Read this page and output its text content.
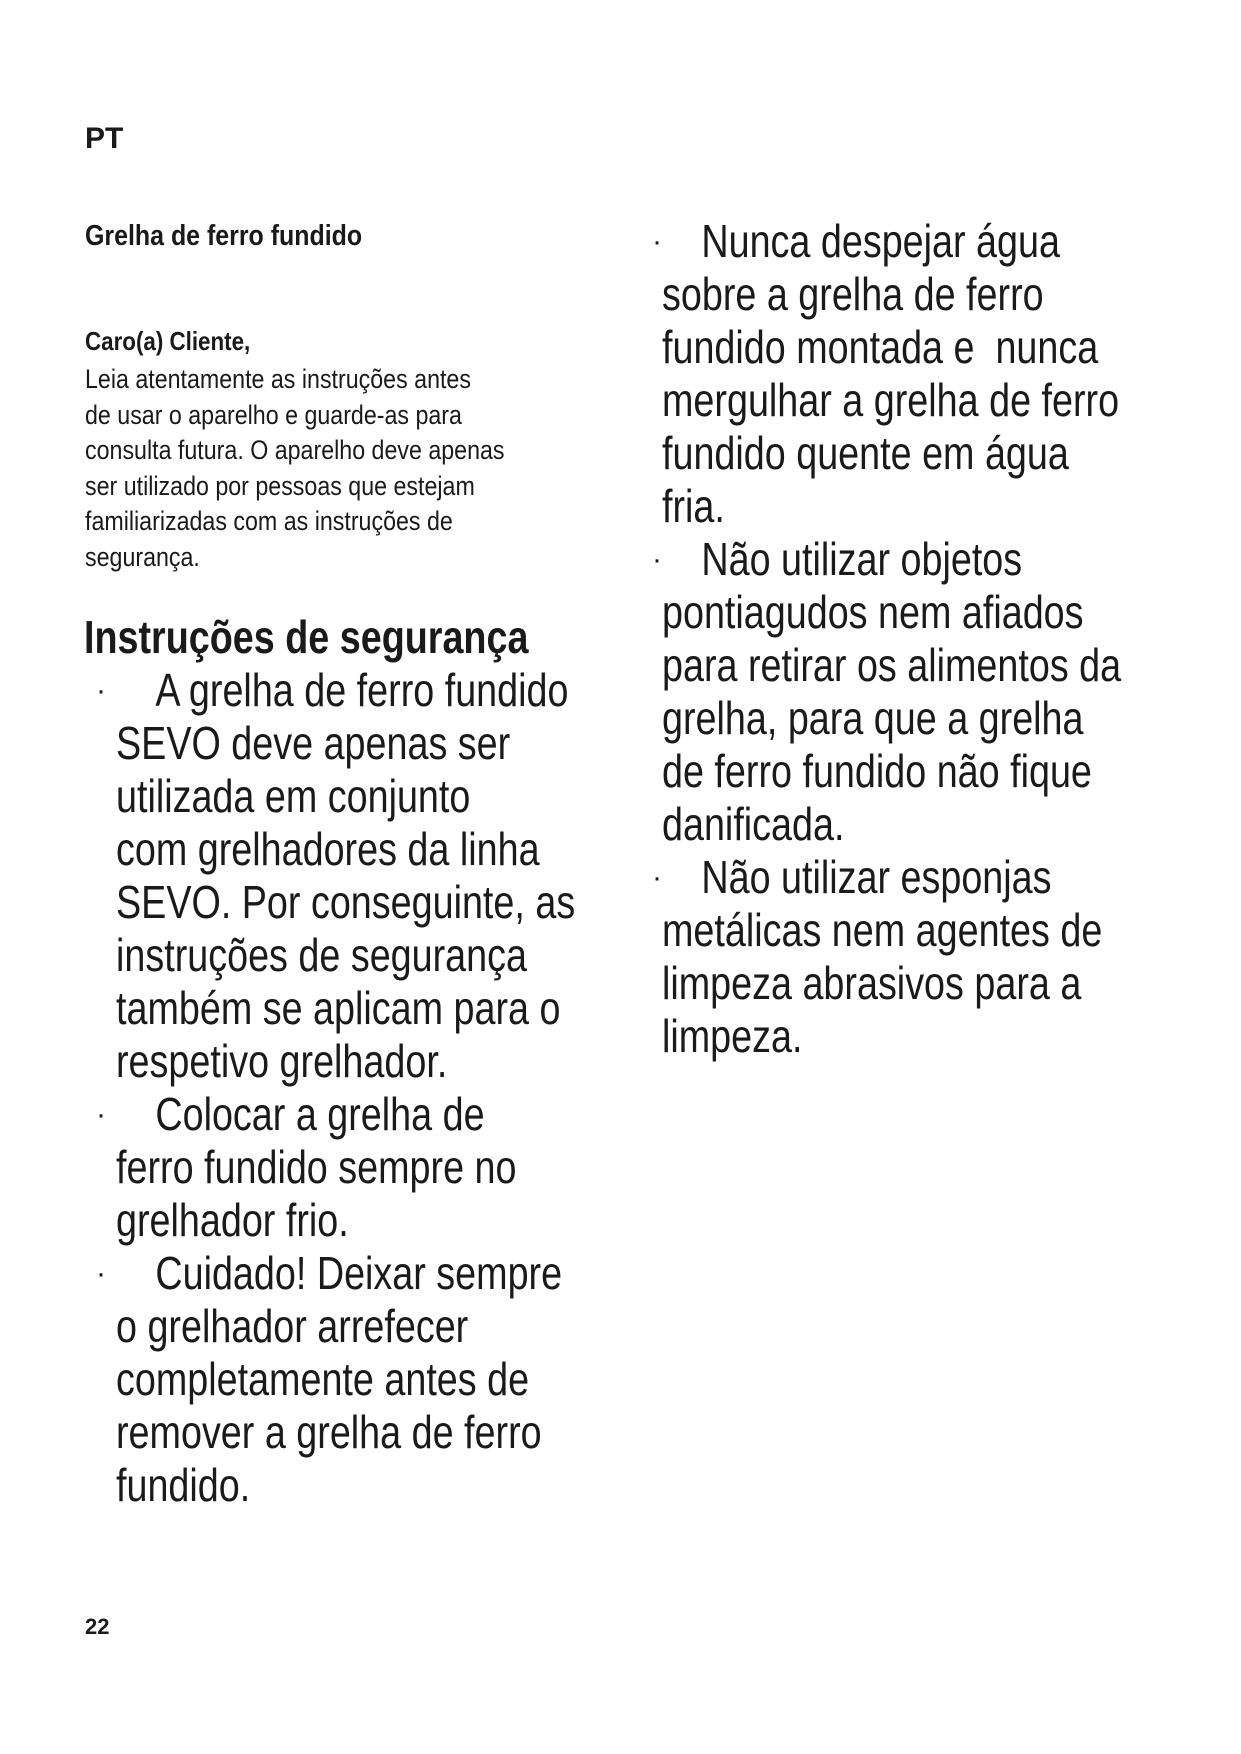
PT
Grelha de ferro fundido
Caro(a) Cliente,
Leia atentamente as instruções antes
de usar o aparelho e guarde-as para
consulta futura. O aparelho deve apenas
ser utilizado por pessoas que estejam
familiarizadas com as instruções de
segurança.
Instruções de segurança
·	A grelha de ferro fundido
SEVO deve apenas ser
utilizada em conjunto
com grelhadores da linha
SEVO. Por conseguinte, as
instruções de segurança
também se aplicam para o
respetivo grelhador.
·	Colocar a grelha de
ferro fundido sempre no
grelhador frio.
·	Cuidado! Deixar sempre
o grelhador arrefecer
completamente antes de
remover a grelha de ferro
fundido.
· Nunca despejar água
sobre a grelha de ferro
fundido montada e  nunca
mergulhar a grelha de ferro
fundido quente em água
fria.
· Não utilizar objetos
pontiagudos nem afiados
para retirar os alimentos da
grelha, para que a grelha
de ferro fundido não fique
danificada.
· Não utilizar esponjas
metálicas nem agentes de
limpeza abrasivos para a
limpeza.
22
